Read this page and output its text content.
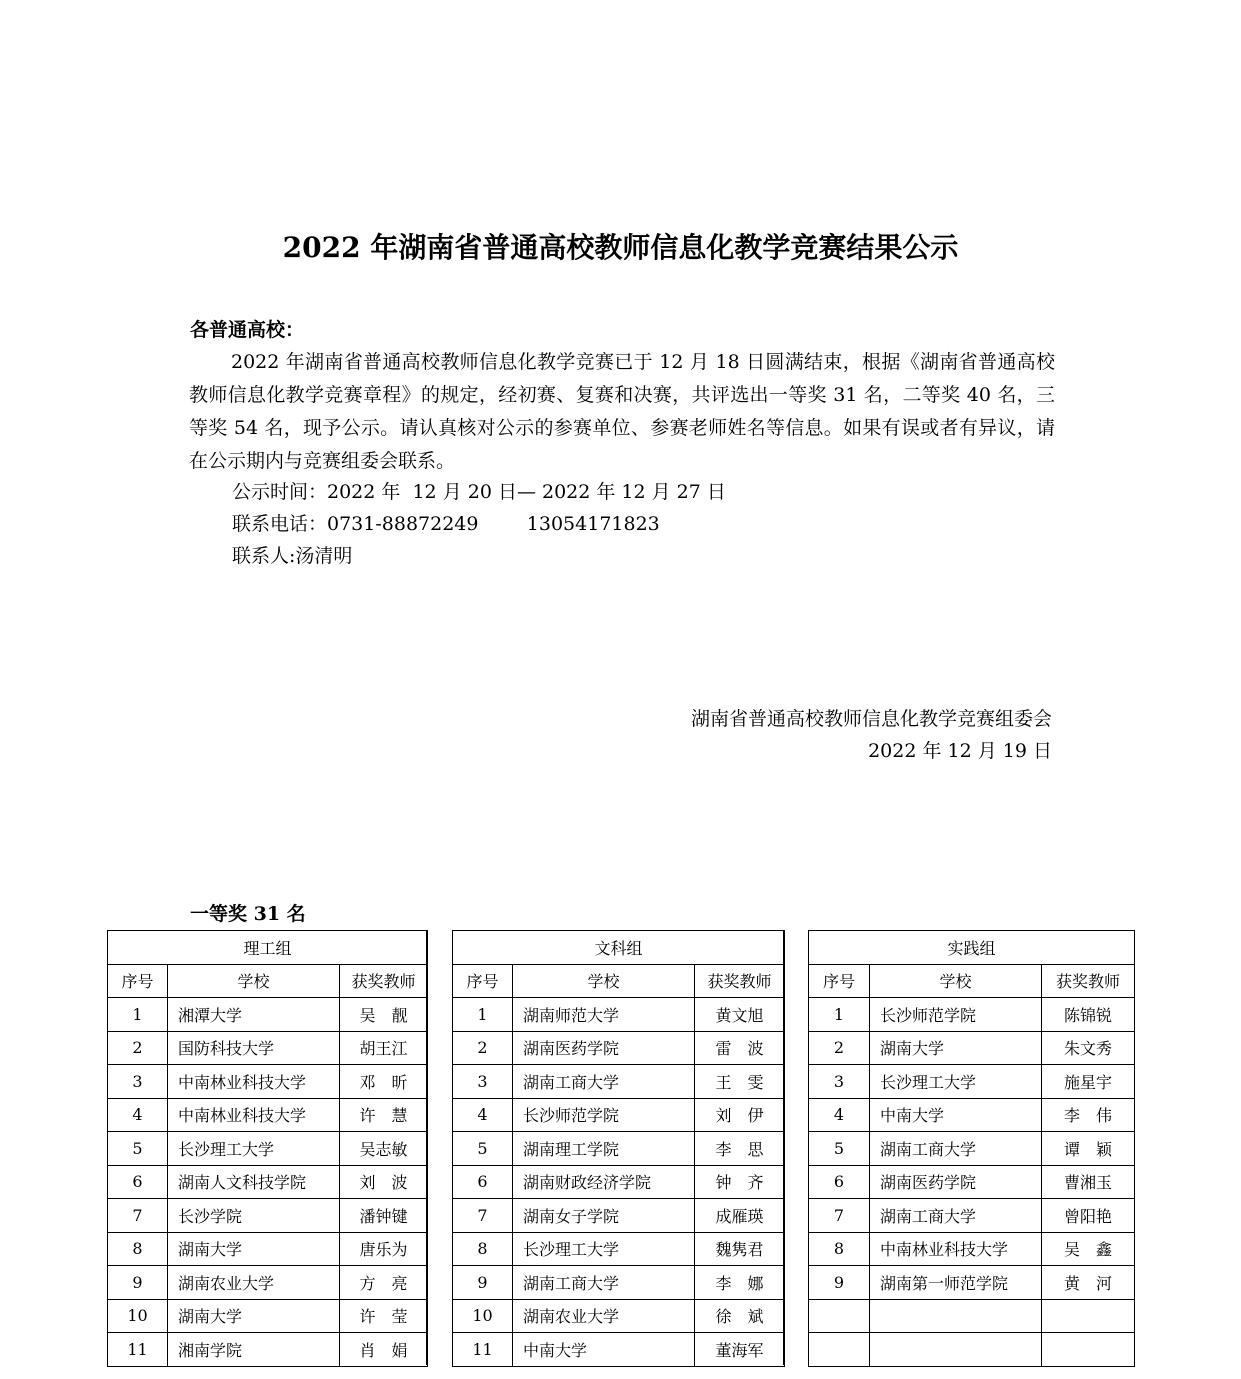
2022 年湖南省普通高校教师信息化教学竞赛结果公示
各普通高校：

2022 年湖南省普通高校教师信息化教学竞赛已于 12 月 18 日圆满结束，根据《湖南省普通高校教师信息化教学竞赛章程》的规定，经初赛、复赛和决赛，共评选出一等奖 31 名，二等奖 40 名，三等奖 54 名，现予公示。请认真核对公示的参赛单位、参赛老师姓名等信息。如果有误或者有异议，请在公示期内与竞赛组委会联系。

公示时间：2022 年  12 月 20 日— 2022 年 12 月 27 日
联系电话：0731-88872249        13054171823
联系人:汤清明
湖南省普通高校教师信息化教学竞赛组委会
2022 年 12 月 19 日
一等奖 31 名
理工组		
序号	学校	获奖教师
1	湘潭大学	吴　靓
2	国防科技大学	胡王江
3	中南林业科技大学	邓　昕
4	中南林业科技大学	许　慧
5	长沙理工大学	吴志敏
6	湖南人文科技学院	刘　波
7	长沙学院	潘钟键
8	湖南大学	唐乐为
9	湖南农业大学	方　亮
10	湖南大学	许　莹
11	湘南学院	肖　娟
文科组		
序号	学校	获奖教师
1	湖南师范大学	黄文旭
2	湖南医药学院	雷　波
3	湖南工商大学	王　雯
4	长沙师范学院	刘　伊
5	湖南理工学院	李　思
6	湖南财政经济学院	钟　齐
7	湖南女子学院	成雁瑛
8	长沙理工大学	魏隽君
9	湖南工商大学	李　娜
10	湖南农业大学	徐　斌
11	中南大学	董海军
实践组		
序号	学校	获奖教师
1	长沙师范学院	陈锦锐
2	湖南大学	朱文秀
3	长沙理工大学	施星宇
4	中南大学	李　伟
5	湖南工商大学	谭　颖
6	湖南医药学院	曹湘玉
7	湖南工商大学	曾阳艳
8	中南林业科技大学	吴　鑫
9	湖南第一师范学院	黄　河
